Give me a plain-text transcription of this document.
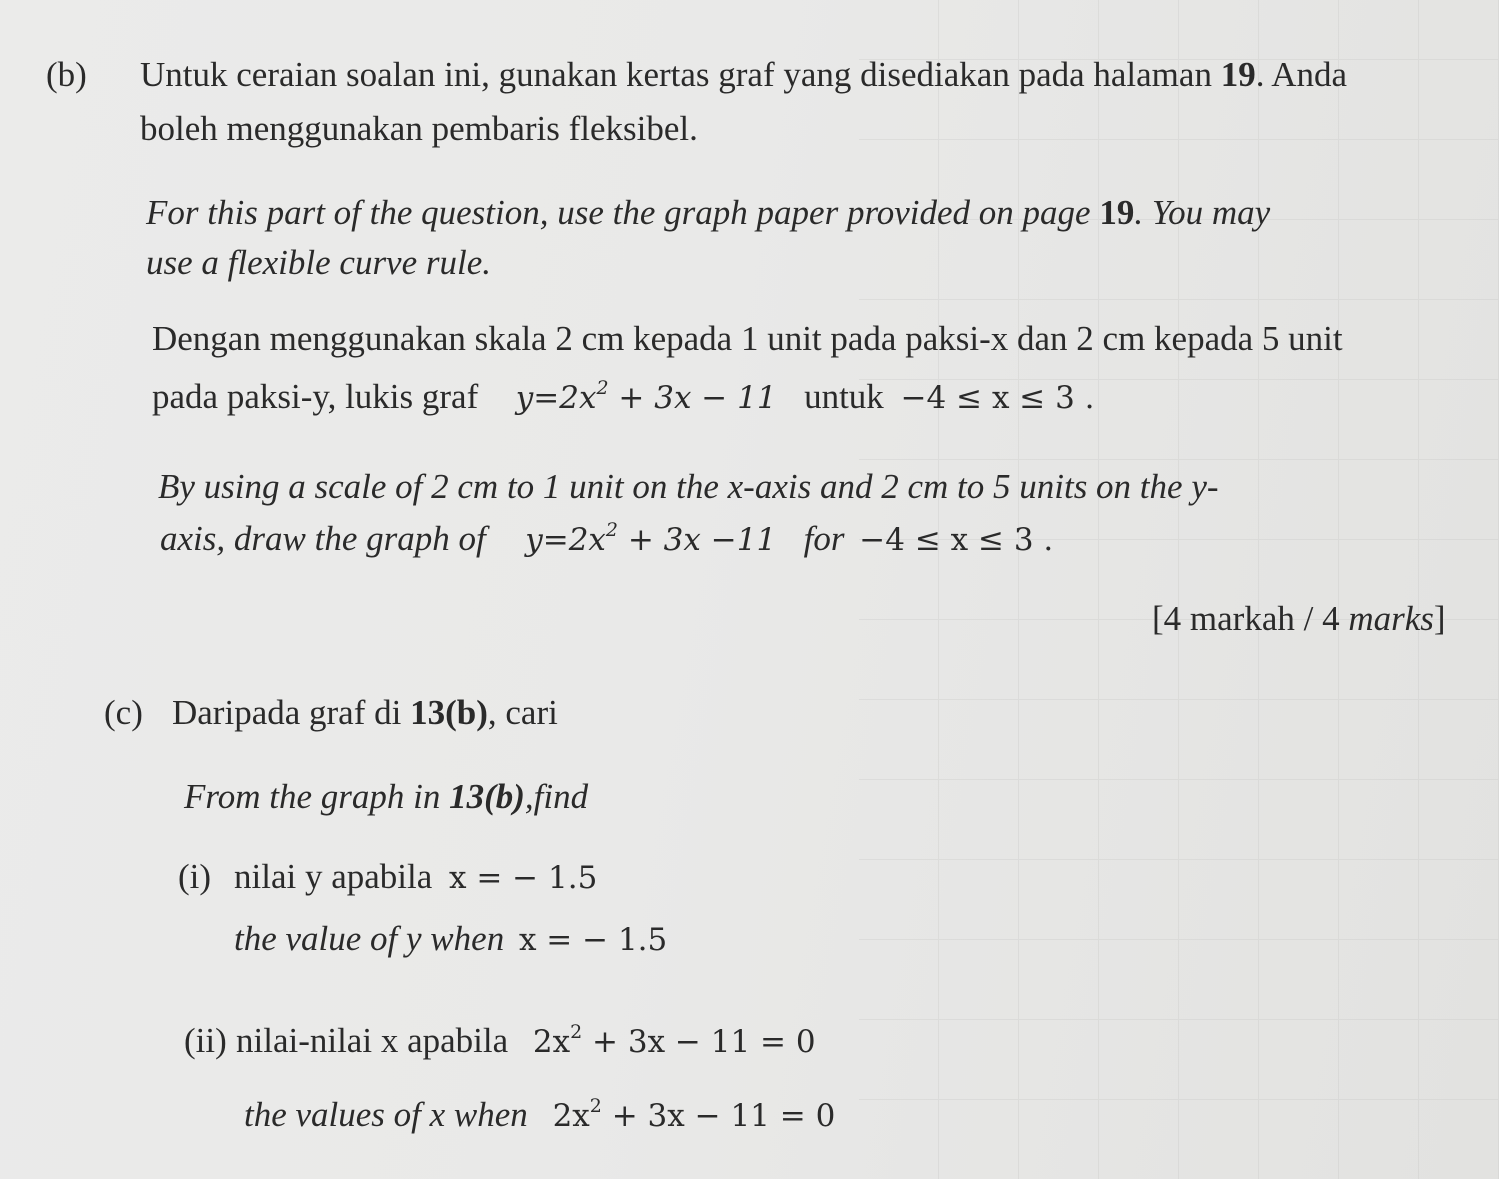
(b) Untuk ceraian soalan ini, gunakan kertas graf yang disediakan pada halaman 19. Anda
boleh menggunakan pembaris fleksibel.
For this part of the question, use the graph paper provided on page 19. You may
use a flexible curve rule.
Dengan menggunakan skala 2 cm kepada 1 unit pada paksi-x dan 2 cm kepada 5 unit
pada paksi-y, lukis graf $y=2x^2 + 3x - 11$ untuk −4 ≤ x ≤ 3 .
By using a scale of 2 cm to 1 unit on the x-axis and 2 cm to 5 units on the y-
axis, draw the graph of $y=2x^2 + 3x -11$ for −4 ≤ x ≤ 3 .
[4 markah / 4 marks]
(c) Daripada graf di 13(b), cari
From the graph in 13(b),find
(i) nilai y apabila x = − 1.5
the value of y when x = − 1.5
(ii) nilai-nilai x apabila $2x^2 + 3x - 11 = 0$
the values of x when $2x^2 + 3x - 11 = 0$
